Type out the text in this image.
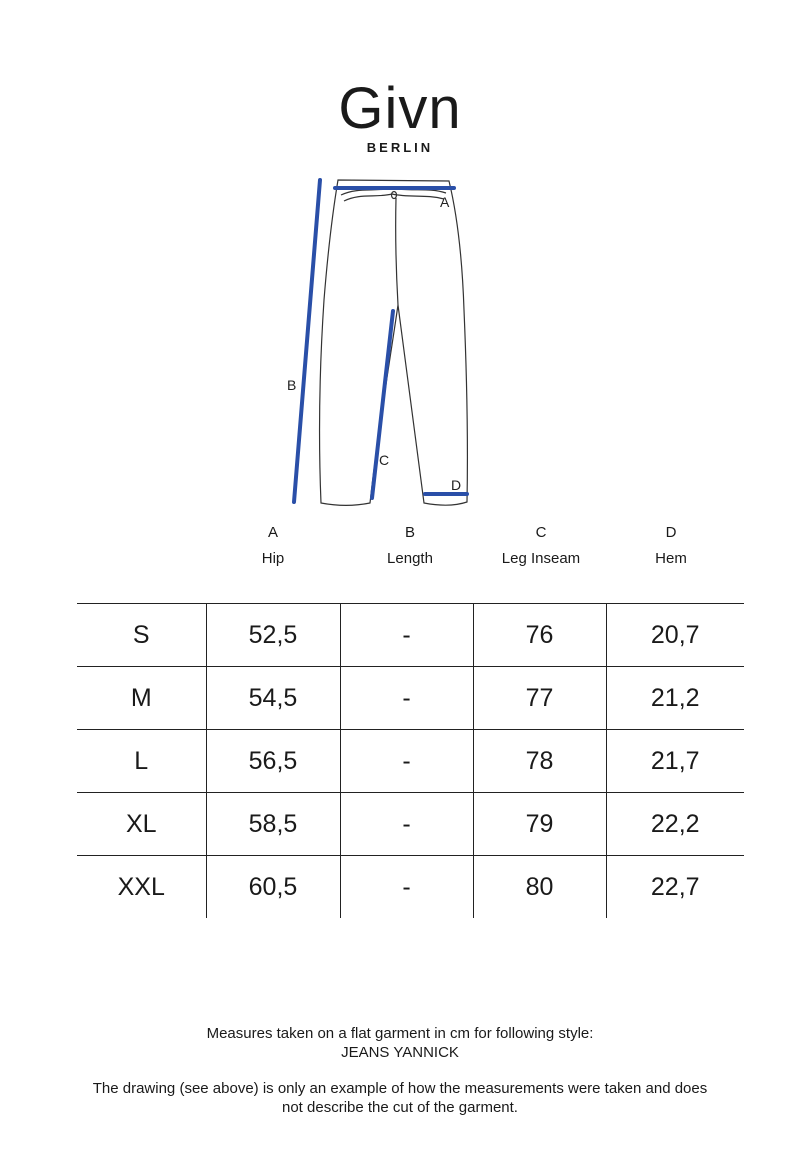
Givn
BERLIN
A
B
C
D
A
Hip
B
Length
C
Leg Inseam
D
Hem
S	52,5	-	76	20,7
M	54,5	-	77	21,2
L	56,5	-	78	21,7
XL	58,5	-	79	22,2
XXL	60,5	-	80	22,7
Measures taken on a flat garment in cm for following style:
JEANS YANNICK
The drawing (see above) is only an example of how the measurements were taken and does
not describe the cut of the garment.
